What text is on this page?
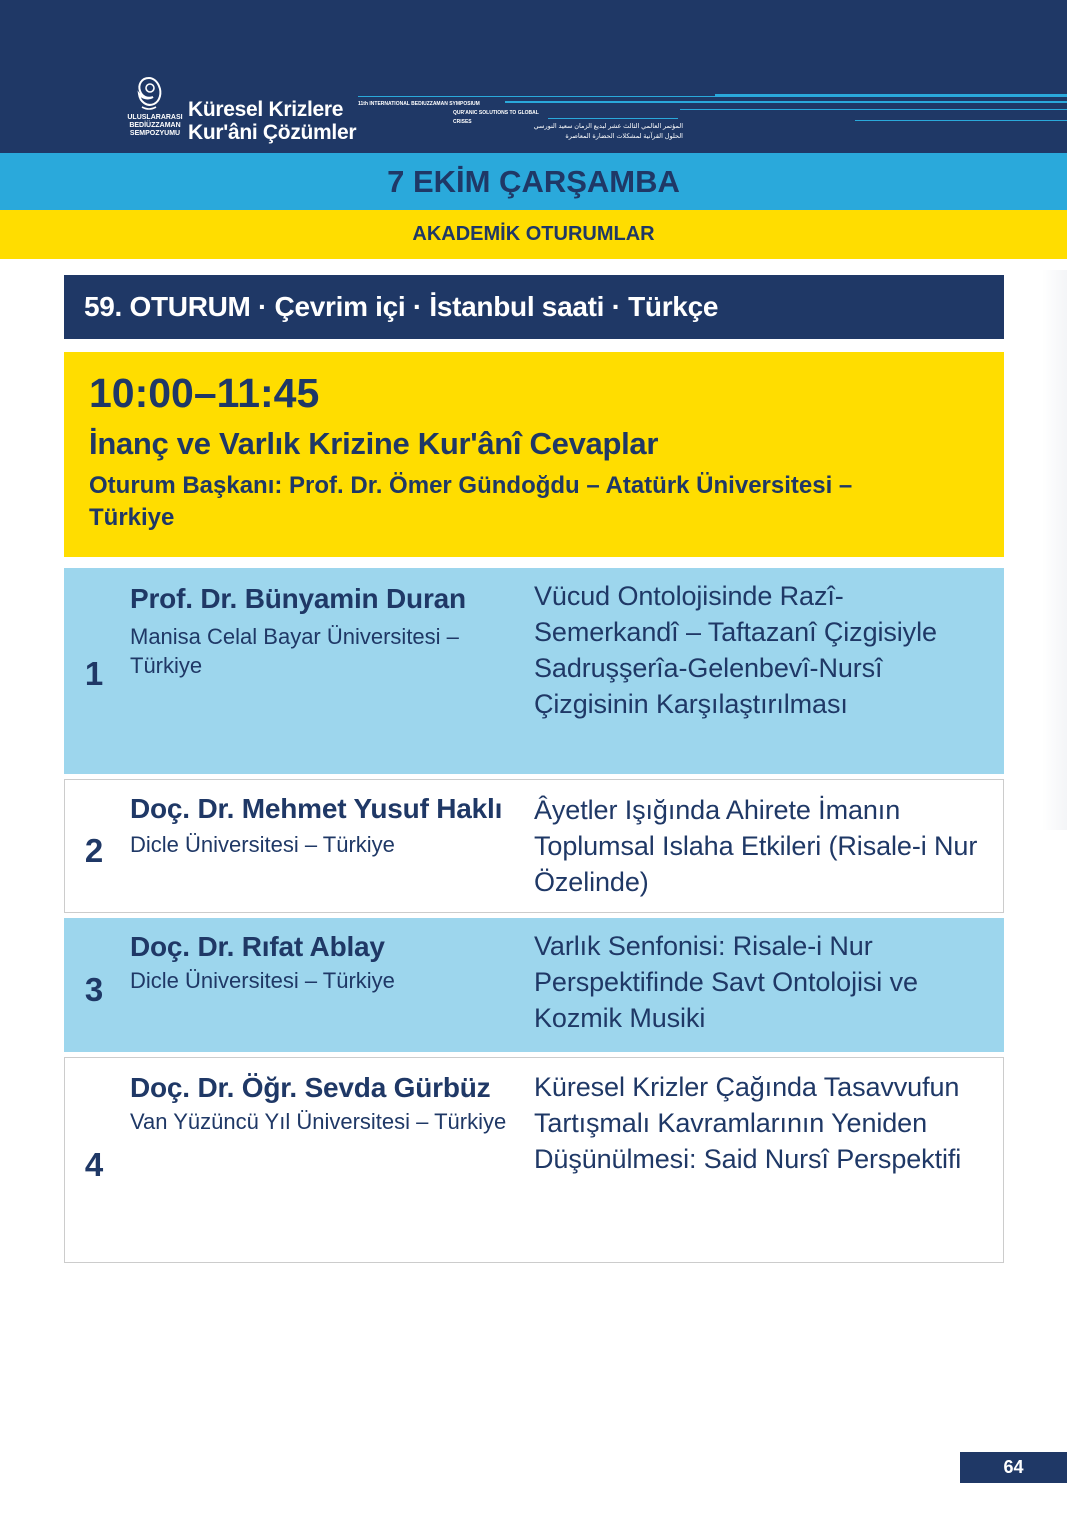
ULUSLARARASI
BEDİÜZZAMAN
SEMPOZYUMU
Küresel Krizlere
Kur'âni Çözümler
11th INTERNATIONAL BEDIUZZAMAN SYMPOSIUM
QUR'ANIC SOLUTIONS TO GLOBAL CRISES
المؤتمر العالمي الثالث عشر لبديع الزمان سعيد النورسي
الحلول القرآنية لمشكلات الحضارة المعاصرة
7 EKİM ÇARŞAMBA
AKADEMİK OTURUMLAR
59. OTURUM · Çevrim içi · İstanbul saati · Türkçe
10:00–11:45
İnanç ve Varlık Krizine Kur'ânî Cevaplar
Oturum Başkanı: Prof. Dr. Ömer Gündoğdu – Atatürk Üniversitesi – Türkiye
1
Prof. Dr. Bünyamin Duran
Manisa Celal Bayar Üniversitesi – Türkiye
Vücud Ontolojisinde Razî-Semerkandî – Taftazanî Çizgisiyle Sadruşşerîa-Gelenbevî-Nursî Çizgisinin Karşılaştırılması
2
Doç. Dr. Mehmet Yusuf Haklı
Dicle Üniversitesi – Türkiye
Âyetler Işığında Ahirete İmanın Toplumsal Islaha Etkileri (Risale-i Nur Özelinde)
3
Doç. Dr. Rıfat Ablay
Dicle Üniversitesi – Türkiye
Varlık Senfonisi: Risale-i Nur Perspektifinde Savt Ontolojisi ve Kozmik Musiki
4
Doç. Dr. Öğr. Sevda Gürbüz
Van Yüzüncü Yıl Üniversitesi – Türkiye
Küresel Krizler Çağında Tasavvufun Tartışmalı Kavramlarının Yeniden Düşünülmesi: Said Nursî Perspektifi
64
